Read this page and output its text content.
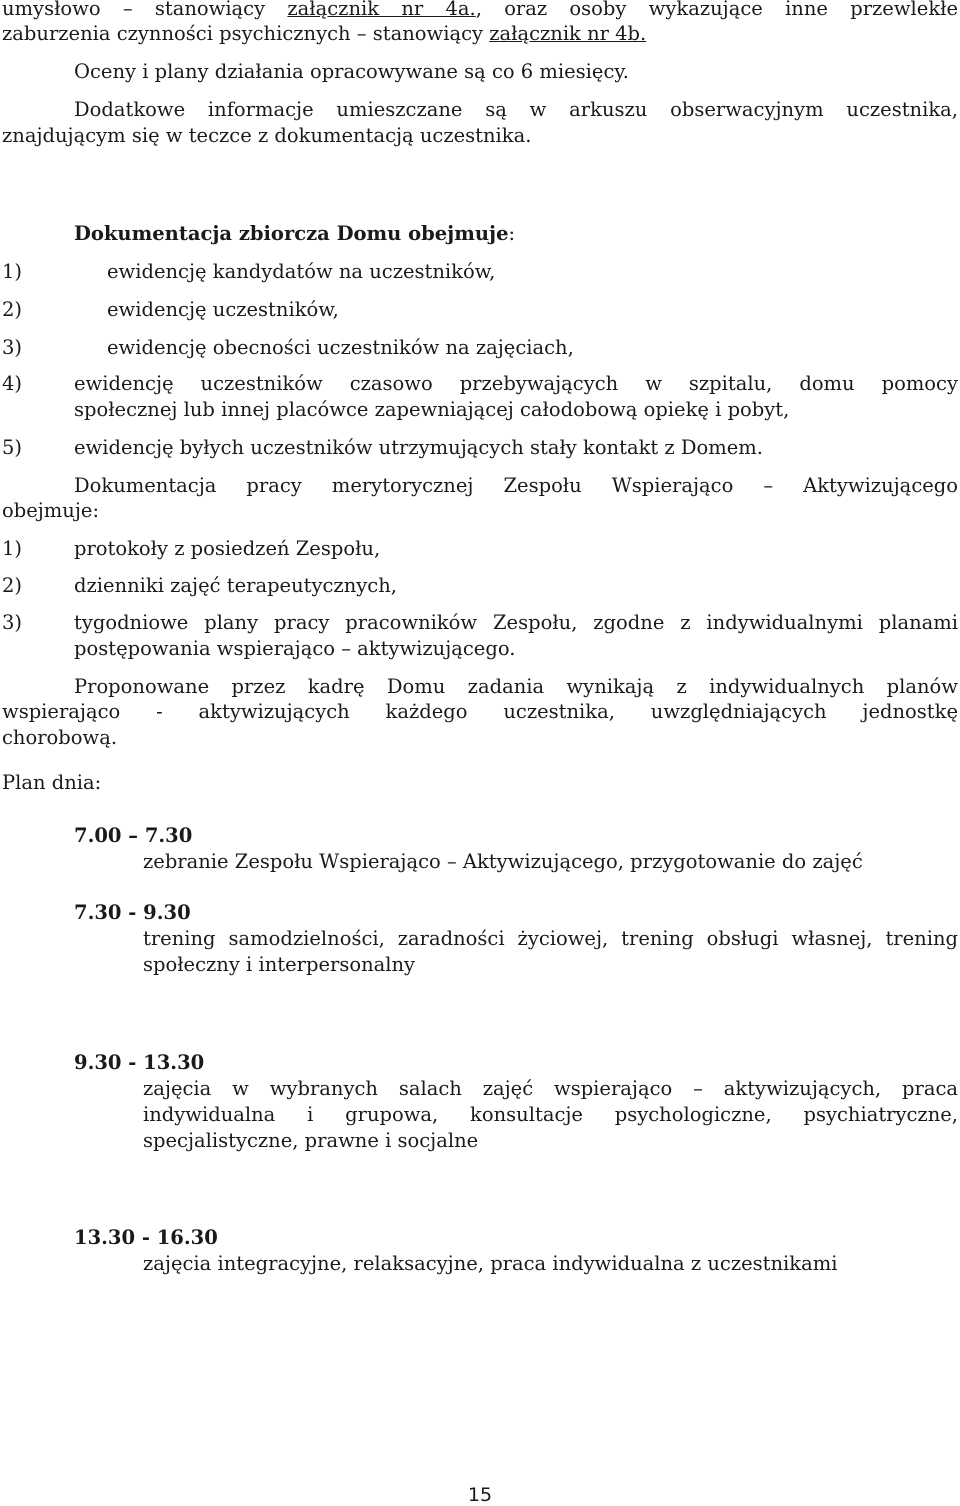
umysłowo – stanowiący załącznik nr 4a., oraz osoby wykazujące inne przewlekłe
zaburzenia czynności psychicznych – stanowiący załącznik nr 4b.
Oceny i plany działania opracowywane są co 6 miesięcy.
Dodatkowe informacje umieszczane są w arkuszu obserwacyjnym uczestnika,
znajdującym się w teczce z dokumentacją uczestnika.
Dokumentacja zbiorcza Domu obejmuje:
1)	ewidencję kandydatów na uczestników,
2)	ewidencję uczestników,
3)	ewidencję obecności uczestników na zajęciach,
4)	ewidencję uczestników czasowo przebywających w szpitalu, domu pomocy
społecznej lub innej placówce zapewniającej całodobową opiekę i pobyt,
5)	ewidencję byłych uczestników utrzymujących stały kontakt z Domem.
Dokumentacja pracy merytorycznej Zespołu Wspierająco – Aktywizującego
obejmuje:
1)	protokoły z posiedzeń Zespołu,
2)	dzienniki zajęć terapeutycznych,
3)	tygodniowe plany pracy pracowników Zespołu, zgodne z indywidualnymi planami
postępowania wspierająco – aktywizującego.
Proponowane przez kadrę Domu zadania wynikają z indywidualnych planów
wspierająco - aktywizujących każdego uczestnika, uwzględniających jednostkę
chorobową.
Plan dnia:
7.00 – 7.30
zebranie Zespołu Wspierająco – Aktywizującego, przygotowanie do zajęć
7.30 - 9.30
trening samodzielności, zaradności życiowej, trening obsługi własnej, trening społeczny i interpersonalny
9.30 - 13.30
zajęcia w wybranych salach zajęć wspierająco – aktywizujących, praca indywidualna i grupowa, konsultacje psychologiczne, psychiatryczne, specjalistyczne, prawne i socjalne
13.30 - 16.30
zajęcia integracyjne, relaksacyjne, praca indywidualna z uczestnikami
15
